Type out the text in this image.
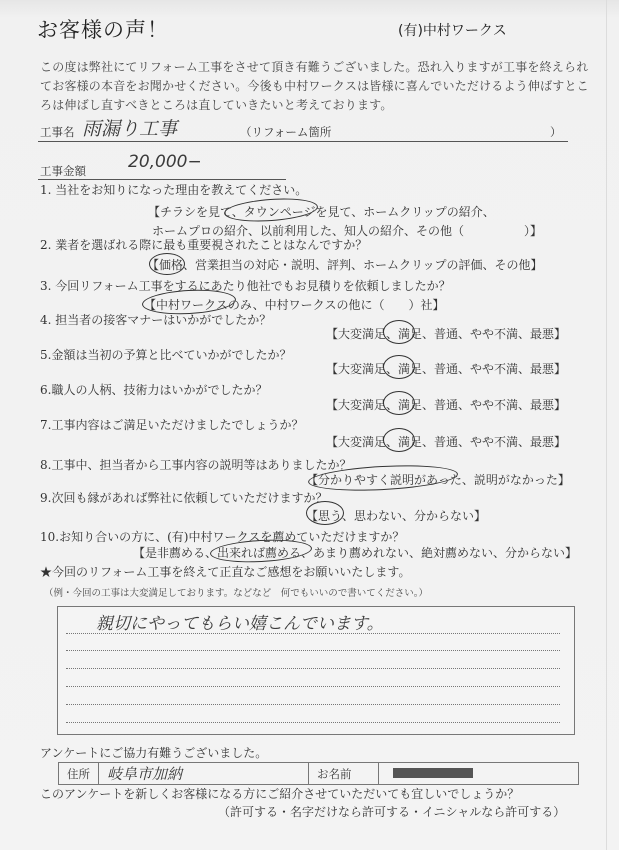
お客様の声！	(有)中村ワークス
この度は弊社にてリフォーム工事をさせて頂き有難うございました。恐れ入りますが工事を終えられてお客様の本音をお聞かせください。今後も中村ワークスは皆様に喜んでいただけるよう伸ばすところは伸ばし直すべきところは直していきたいと考えております。
工事名 雨漏り工事	（リフォーム箇所	）
工事金額 20,000−
1. 当社をお知りになった理由を教えてください。
【チラシを見て、タウンページを見て、ホームクリップの紹介、
ホームプロの紹介、以前利用した、知人の紹介、その他（　　　　　）】
2. 業者を選ばれる際に最も重要視されたことはなんですか？
【価格、営業担当の対応・説明、評判、ホームクリップの評価、その他】
3. 今回リフォーム工事をするにあたり他社でもお見積りを依頼しましたか？
【中村ワークスのみ、中村ワークスの他に（　　）社】
4. 担当者の接客マナーはいかがでしたか？
【大変満足、満足、普通、やや不満、最悪】
5.金額は当初の予算と比べていかがでしたか？
【大変満足、満足、普通、やや不満、最悪】
6.職人の人柄、技術力はいかがでしたか？
【大変満足、満足、普通、やや不満、最悪】
7.工事内容はご満足いただけましたでしょうか？
【大変満足、満足、普通、やや不満、最悪】
8.工事中、担当者から工事内容の説明等はありましたか？
【分かりやすく説明があった、説明がなかった】
9.次回も縁があれば弊社に依頼していただけますか？
【思う、思わない、分からない】
10.お知り合いの方に、(有)中村ワークスを薦めていただけますか？
【是非薦める、出来れば薦める、あまり薦めれない、絶対薦めない、分からない】
★今回のリフォーム工事を終えて正直なご感想をお願いいたします。
（例・今回の工事は大変満足しております。などなど　何でもいいので書いてください。）
親切にやってもらい嬉こんでいます。
アンケートにご協力有難うございました。
住所	岐阜市加納	お名前
このアンケートを新しくお客様になる方にご紹介させていただいても宜しいでしょうか？
（許可する・名字だけなら許可する・イニシャルなら許可する）
